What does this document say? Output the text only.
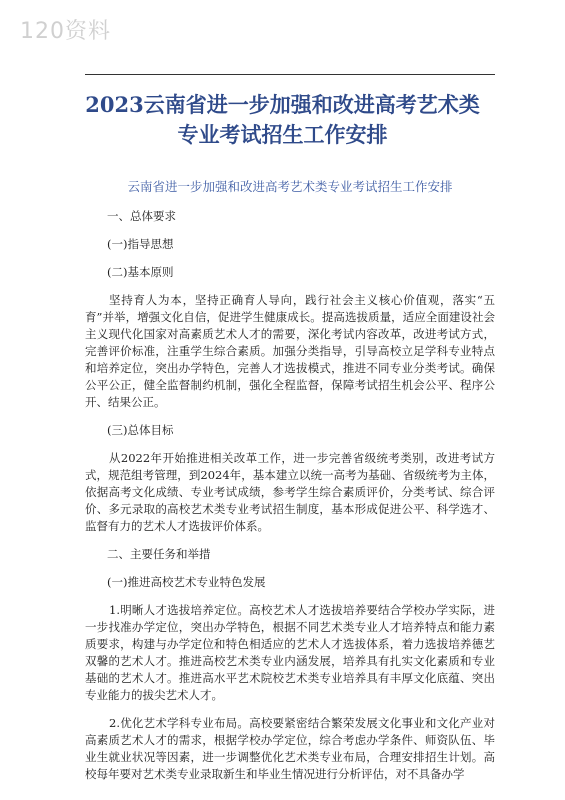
120资料
2023云南省进一步加强和改进高考艺术类
专业考试招生工作安排
云南省进一步加强和改进高考艺术类专业考试招生工作安排
一、总体要求
(一)指导思想
(二)基本原则
坚持育人为本，坚持正确育人导向，践行社会主义核心价值观，落实“五育”并举，增强文化自信，促进学生健康成长。提高选拔质量，适应全面建设社会主义现代化国家对高素质艺术人才的需要，深化考试内容改革，改进考试方式，完善评价标准，注重学生综合素质。加强分类指导，引导高校立足学科专业特点和培养定位，突出办学特色，完善人才选拔模式，推进不同专业分类考试。确保公平公正，健全监督制约机制，强化全程监督，保障考试招生机会公平、程序公开、结果公正。
(三)总体目标
从2022年开始推进相关改革工作，进一步完善省级统考类别，改进考试方式，规范组考管理，到2024年，基本建立以统一高考为基础、省级统考为主体，依据高考文化成绩、专业考试成绩，参考学生综合素质评价，分类考试、综合评价、多元录取的高校艺术类专业考试招生制度，基本形成促进公平、科学选才、监督有力的艺术人才选拔评价体系。
二、主要任务和举措
(一)推进高校艺术专业特色发展
1.明晰人才选拔培养定位。高校艺术人才选拔培养要结合学校办学实际，进一步找准办学定位，突出办学特色，根据不同艺术类专业人才培养特点和能力素质要求，构建与办学定位和特色相适应的艺术人才选拔体系，着力选拔培养德艺双馨的艺术人才。推进高校艺术类专业内涵发展，培养具有扎实文化素质和专业基础的艺术人才。推进高水平艺术院校艺术类专业培养具有丰厚文化底蕴、突出专业能力的拔尖艺术人才。
2.优化艺术学科专业布局。高校要紧密结合繁荣发展文化事业和文化产业对高素质艺术人才的需求，根据学校办学定位，综合考虑办学条件、师资队伍、毕业生就业状况等因素，进一步调整优化艺术类专业布局，合理安排招生计划。高校每年要对艺术类专业录取新生和毕业生情况进行分析评估，对不具备办学
